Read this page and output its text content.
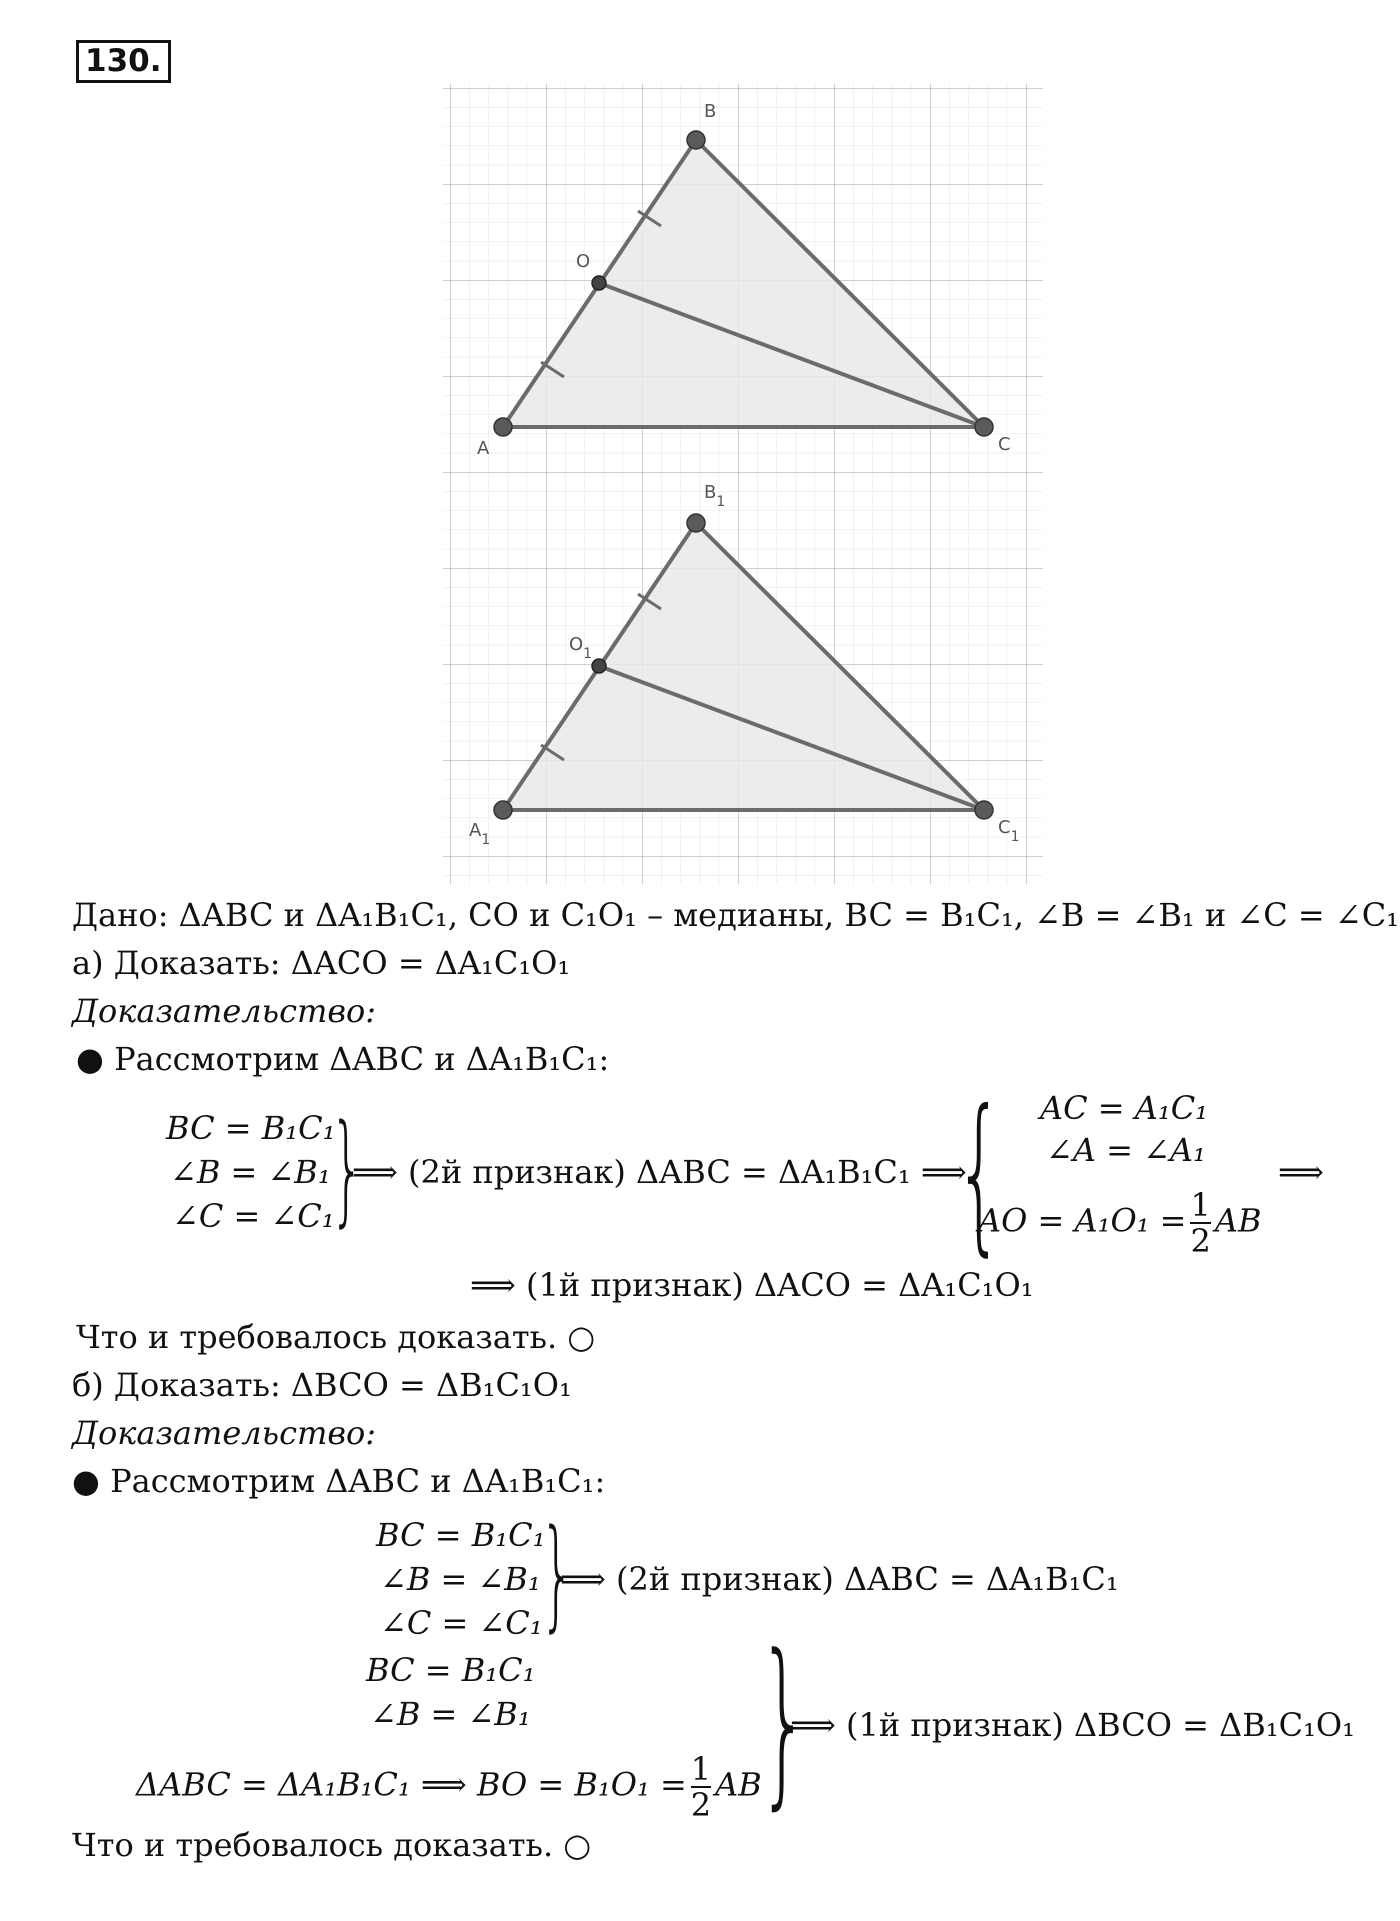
130.
A
B
C
O
$A_1$
$B_1$
$C_1$
$O_1$
Дано: ΔABC и ΔA₁B₁C₁, CO и C₁O₁ – медианы, BC = B₁C₁, ∠B = ∠B₁ и ∠C = ∠C₁
а) Доказать: ΔACO = ΔA₁C₁O₁
Доказательство:
● Рассмотрим ΔABC и ΔA₁B₁C₁:
BC = B₁C₁
∠B = ∠B₁
∠C = ∠C₁
}
⟹ (2й признак) ΔABC = ΔA₁B₁C₁ ⟹
{ AC = A₁C₁
∠A = ∠A₁
AO = $A_1O_1 = \frac{1}{2}$ AB
⟹
⟹ (1й признак) ΔACO = ΔA₁C₁O₁
Что и требовалось доказать. ○
б) Доказать: ΔBCO = ΔB₁C₁O₁
Доказательство:
● Рассмотрим ΔABC и ΔA₁B₁C₁:
BC = B₁C₁
∠B = ∠B₁
∠C = ∠C₁
}
⟹ (2й признак) ΔABC = ΔA₁B₁C₁
BC = B₁C₁
∠B = ∠B₁
ΔABC = ΔA₁B₁C₁ ⟹ BO = $B_1O_1 = \frac{1}{2}$ AB
}
⟹ (1й признак) ΔBCO = ΔB₁C₁O₁
Что и требовалось доказать. ○
